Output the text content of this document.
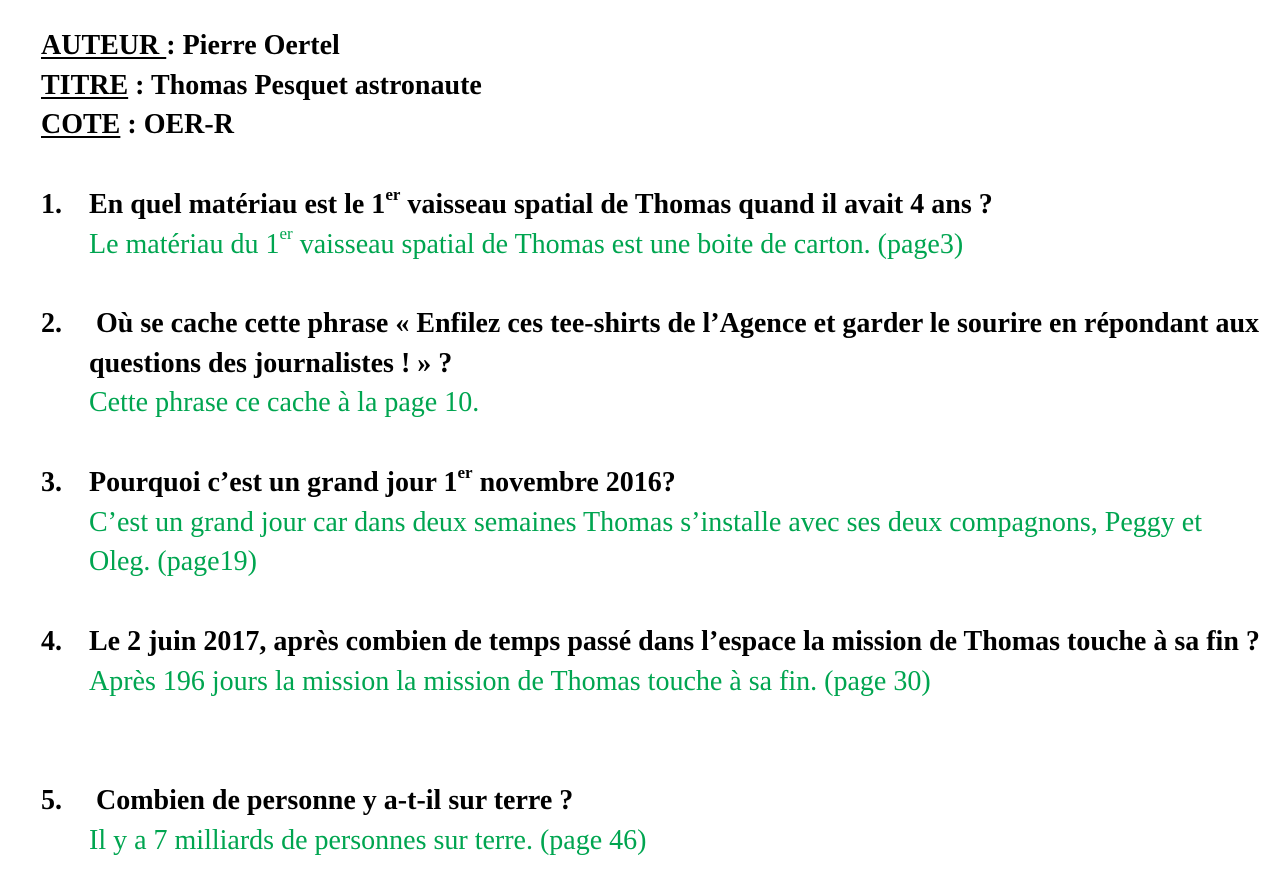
AUTEUR : Pierre Oertel
TITRE : Thomas Pesquet astronaute
COTE : OER-R
1. En quel matériau est le 1er vaisseau spatial de Thomas quand il avait 4 ans ?
Le matériau du 1er vaisseau spatial de Thomas est une boite de carton. (page3)
2. Où se cache cette phrase « Enfilez ces tee-shirts de l’Agence et garder le sourire en répondant aux questions des journalistes ! » ?
Cette phrase ce cache à la page 10.
3. Pourquoi c’est un grand jour 1er novembre 2016?
C’est un grand jour car dans deux semaines Thomas s’installe avec ses deux compagnons, Peggy et Oleg. (page19)
4. Le 2 juin 2017, après combien de temps passé dans l’espace la mission de Thomas touche à sa fin ?
Après 196 jours la mission la mission de Thomas touche à sa fin. (page 30)
5. Combien de personne y a-t-il sur terre ?
Il y a 7 milliards de personnes sur terre. (page 46)
